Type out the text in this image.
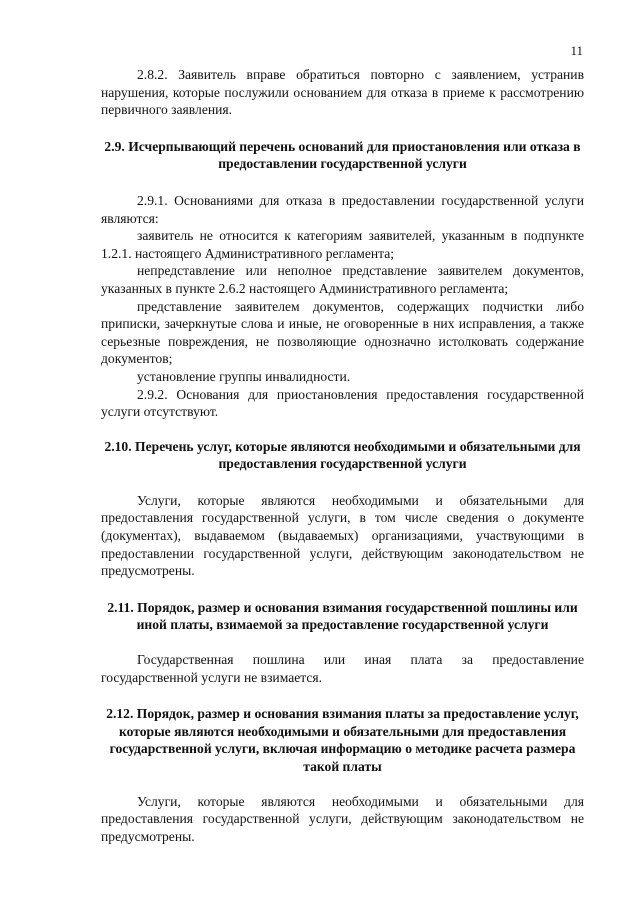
11

2.8.2. Заявитель вправе обратиться повторно с заявлением, устранив нарушения, которые послужили основанием для отказа в приеме к рассмотрению первичного заявления.

2.9. Исчерпывающий перечень оснований для приостановления или отказа в предоставлении государственной услуги

2.9.1. Основаниями для отказа в предоставлении государственной услуги являются:

заявитель не относится к категориям заявителей, указанным в подпункте 1.2.1. настоящего Административного регламента;

непредставление или неполное представление заявителем документов, указанных в пункте 2.6.2 настоящего Административного регламента;

представление заявителем документов, содержащих подчистки либо приписки, зачеркнутые слова и иные, не оговоренные в них исправления, а также серьезные повреждения, не позволяющие однозначно истолковать содержание документов;

установление группы инвалидности.

2.9.2. Основания для приостановления предоставления государственной услуги отсутствуют.

2.10. Перечень услуг, которые являются необходимыми и обязательными для предоставления государственной услуги

Услуги, которые являются необходимыми и обязательными для предоставления государственной услуги, в том числе сведения о документе (документах), выдаваемом (выдаваемых) организациями, участвующими в предоставлении государственной услуги, действующим законодательством не предусмотрены.

2.11. Порядок, размер и основания взимания государственной пошлины или иной платы, взимаемой за предоставление государственной услуги

Государственная пошлина или иная плата за предоставление государственной услуги не взимается.

2.12. Порядок, размер и основания взимания платы за предоставление услуг, которые являются необходимыми и обязательными для предоставления государственной услуги, включая информацию о методике расчета размера такой платы

Услуги, которые являются необходимыми и обязательными для предоставления государственной услуги, действующим законодательством не предусмотрены.
